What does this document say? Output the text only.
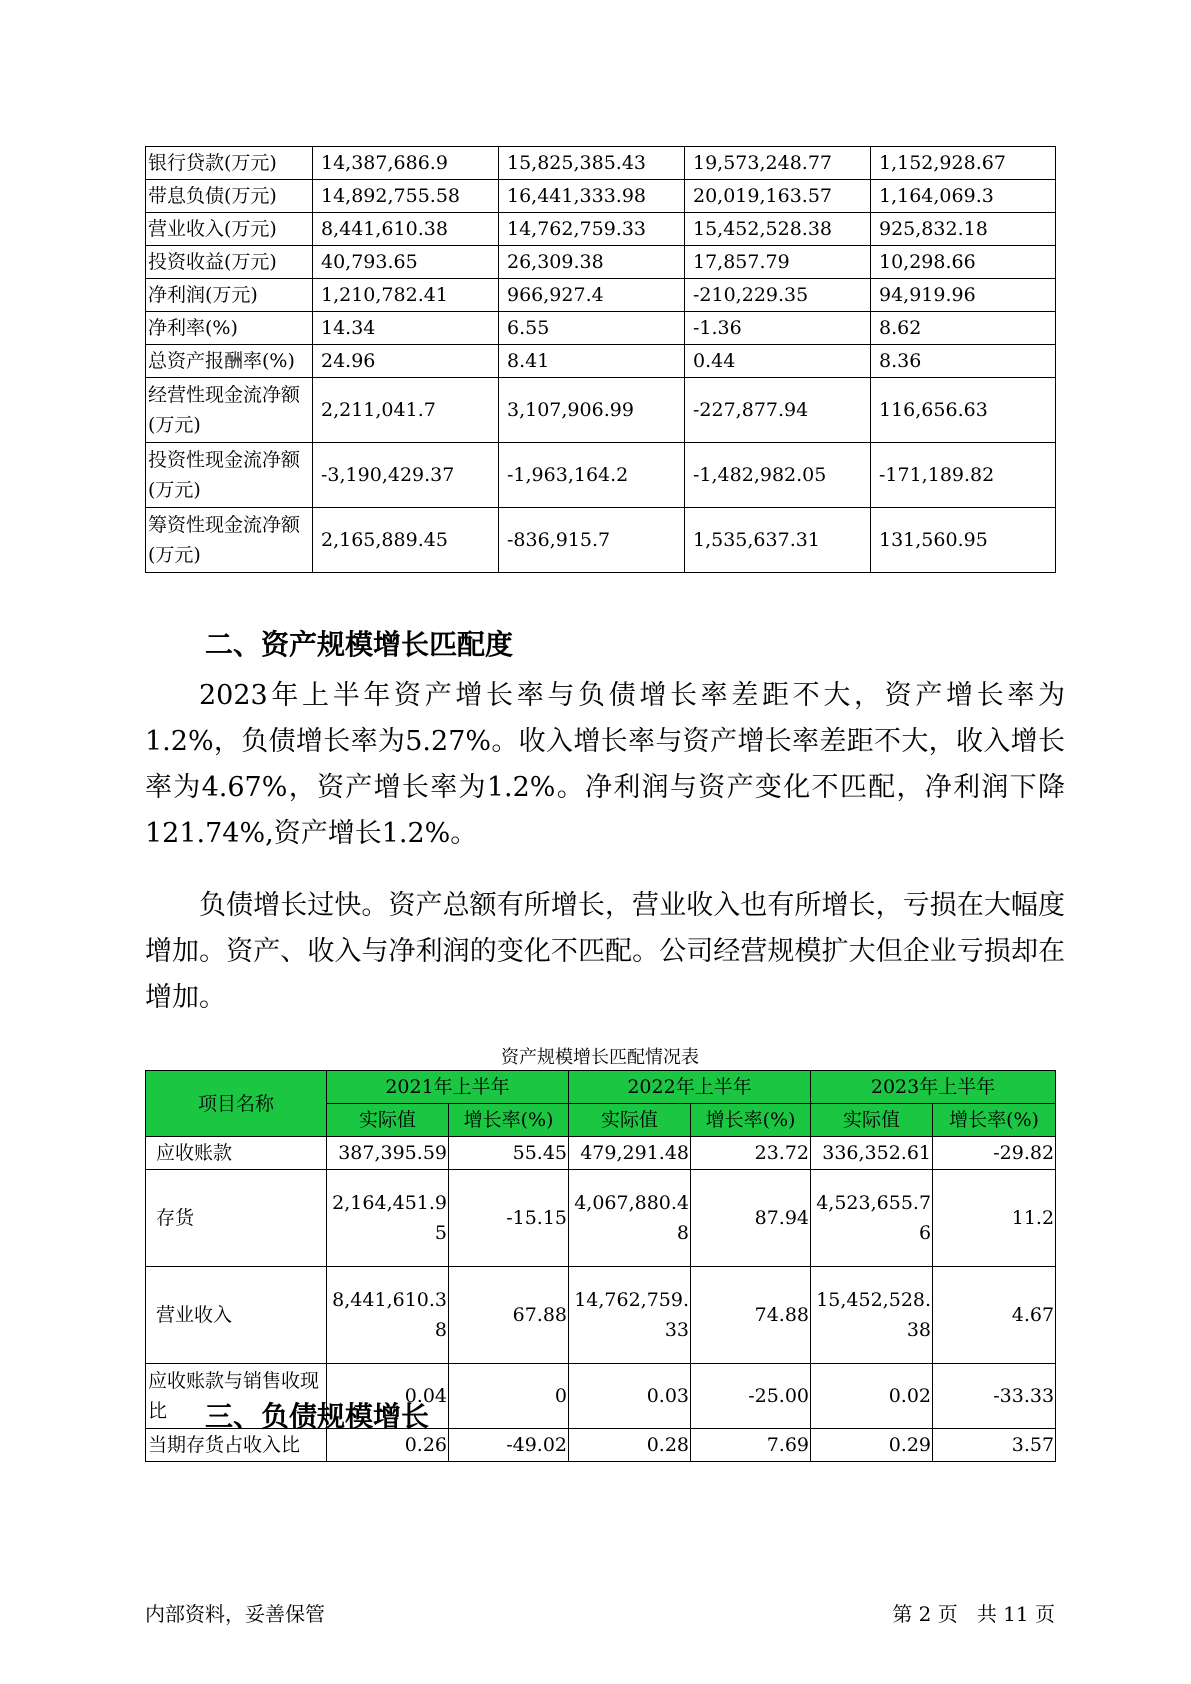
银行贷款(万元)	14,387,686.9	15,825,385.43	19,573,248.77	1,152,928.67
带息负债(万元)	14,892,755.58	16,441,333.98	20,019,163.57	1,164,069.3
营业收入(万元)	8,441,610.38	14,762,759.33	15,452,528.38	925,832.18
投资收益(万元)	40,793.65	26,309.38	17,857.79	10,298.66
净利润(万元)	1,210,782.41	966,927.4	-210,229.35	94,919.96
净利率(%)	14.34	6.55	-1.36	8.62
总资产报酬率(%)	24.96	8.41	0.44	8.36
经营性现金流净额(万元)	2,211,041.7	3,107,906.99	-227,877.94	116,656.63
投资性现金流净额(万元)	-3,190,429.37	-1,963,164.2	-1,482,982.05	-171,189.82
筹资性现金流净额(万元)	2,165,889.45	-836,915.7	1,535,637.31	131,560.95
二、资产规模增长匹配度

2023年上半年资产增长率与负债增长率差距不大，资产增长率为1.2%，负债增长率为5.27%。收入增长率与资产增长率差距不大，收入增长率为4.67%，资产增长率为1.2%。净利润与资产变化不匹配，净利润下降121.74%,资产增长1.2%。

负债增长过快。资产总额有所增长，营业收入也有所增长，亏损在大幅度增加。资产、收入与净利润的变化不匹配。公司经营规模扩大但企业亏损却在增加。

资产规模增长匹配情况表
项目名称	2021年上半年		2022年上半年		2023年上半年	
	实际值	增长率(%)	实际值	增长率(%)	实际值	增长率(%)
应收账款	387,395.59	55.45	479,291.48	23.72	336,352.61	-29.82
存货	2,164,451.95	-15.15	4,067,880.48	87.94	4,523,655.76	11.2
营业收入	8,441,610.38	67.88	14,762,759.33	74.88	15,452,528.38	4.67
应收账款与销售收现比	0.04	0	0.03	-25.00	0.02	-33.33
当期存货占收入比	0.26	-49.02	0.28	7.69	0.29	3.57
三、负债规模增长
内部资料，妥善保管	第 2 页   共 11 页
